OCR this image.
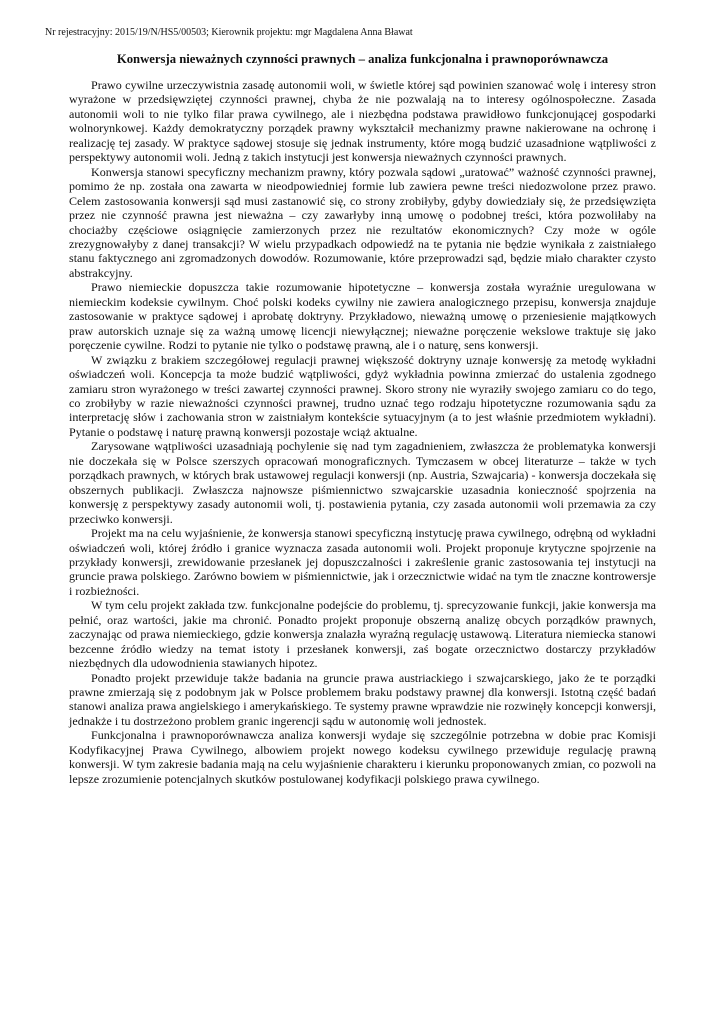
Nr rejestracyjny: 2015/19/N/HS5/00503; Kierownik projektu: mgr Magdalena Anna Bławat
Konwersja nieważnych czynności prawnych – analiza funkcjonalna i prawnoporównawcza

Prawo cywilne urzeczywistnia zasadę autonomii woli, w świetle której sąd powinien szanować wolę i interesy stron wyrażone w przedsięwziętej czynności prawnej, chyba że nie pozwalają na to interesy ogólnospołeczne. Zasada autonomii woli to nie tylko filar prawa cywilnego, ale i niezbędna podstawa prawidłowo funkcjonującej gospodarki wolnorynkowej. Każdy demokratyczny porządek prawny wykształcił mechanizmy prawne nakierowane na ochronę i realizację tej zasady. W praktyce sądowej stosuje się jednak instrumenty, które mogą budzić uzasadnione wątpliwości z perspektywy autonomii woli. Jedną z takich instytucji jest konwersja nieważnych czynności prawnych.

Konwersja stanowi specyficzny mechanizm prawny, który pozwala sądowi „uratować” ważność czynności prawnej, pomimo że np. została ona zawarta w nieodpowiedniej formie lub zawiera pewne treści niedozwolone przez prawo. Celem zastosowania konwersji sąd musi zastanowić się, co strony zrobiłyby, gdyby dowiedziały się, że przedsięwzięta przez nie czynność prawna jest nieważna – czy zawarłyby inną umowę o podobnej treści, która pozwoliłaby na chociażby częściowe osiągnięcie zamierzonych przez nie rezultatów ekonomicznych? Czy może w ogóle zrezygnowałyby z danej transakcji? W wielu przypadkach odpowiedź na te pytania nie będzie wynikała z zaistniałego stanu faktycznego ani zgromadzonych dowodów. Rozumowanie, które przeprowadzi sąd, będzie miało charakter czysto abstrakcyjny.

Prawo niemieckie dopuszcza takie rozumowanie hipotetyczne – konwersja została wyraźnie uregulowana w niemieckim kodeksie cywilnym. Choć polski kodeks cywilny nie zawiera analogicznego przepisu, konwersja znajduje zastosowanie w praktyce sądowej i aprobatę doktryny. Przykładowo, nieważną umowę o przeniesienie majątkowych praw autorskich uznaje się za ważną umowę licencji niewyłącznej; nieważne poręczenie wekslowe traktuje się jako poręczenie cywilne. Rodzi to pytanie nie tylko o podstawę prawną, ale i o naturę, sens konwersji.

W związku z brakiem szczegółowej regulacji prawnej większość doktryny uznaje konwersję za metodę wykładni oświadczeń woli. Koncepcja ta może budzić wątpliwości, gdyż wykładnia powinna zmierzać do ustalenia zgodnego zamiaru stron wyrażonego w treści zawartej czynności prawnej. Skoro strony nie wyraziły swojego zamiaru co do tego, co zrobiłyby w razie nieważności czynności prawnej, trudno uznać tego rodzaju hipotetyczne rozumowania sądu za interpretację słów i zachowania stron w zaistniałym kontekście sytuacyjnym (a to jest właśnie przedmiotem wykładni). Pytanie o podstawę i naturę prawną konwersji pozostaje wciąż aktualne.

Zarysowane wątpliwości uzasadniają pochylenie się nad tym zagadnieniem, zwłaszcza że problematyka konwersji nie doczekała się w Polsce szerszych opracowań monograficznych. Tymczasem w obcej literaturze – także w tych porządkach prawnych, w których brak ustawowej regulacji konwersji (np. Austria, Szwajcaria) - konwersja doczekała się obszernych publikacji. Zwłaszcza najnowsze piśmiennictwo szwajcarskie uzasadnia konieczność spojrzenia na konwersję z perspektywy zasady autonomii woli, tj. postawienia pytania, czy zasada autonomii woli przemawia za czy przeciwko konwersji.

Projekt ma na celu wyjaśnienie, że konwersja stanowi specyficzną instytucję prawa cywilnego, odrębną od wykładni oświadczeń woli, której źródło i granice wyznacza zasada autonomii woli. Projekt proponuje krytyczne spojrzenie na przykłady konwersji, zrewidowanie przesłanek jej dopuszczalności i zakreślenie granic zastosowania tej instytucji na gruncie prawa polskiego. Zarówno bowiem w piśmiennictwie, jak i orzecznictwie widać na tym tle znaczne kontrowersje i rozbieżności.

W tym celu projekt zakłada tzw. funkcjonalne podejście do problemu, tj. sprecyzowanie funkcji, jakie konwersja ma pełnić, oraz wartości, jakie ma chronić. Ponadto projekt proponuje obszerną analizę obcych porządków prawnych, zaczynając od prawa niemieckiego, gdzie konwersja znalazła wyraźną regulację ustawową. Literatura niemiecka stanowi bezcenne źródło wiedzy na temat istoty i przesłanek konwersji, zaś bogate orzecznictwo dostarczy przykładów niezbędnych dla udowodnienia stawianych hipotez.

Ponadto projekt przewiduje także badania na gruncie prawa austriackiego i szwajcarskiego, jako że te porządki prawne zmierzają się z podobnym jak w Polsce problemem braku podstawy prawnej dla konwersji. Istotną część badań stanowi analiza prawa angielskiego i amerykańskiego. Te systemy prawne wprawdzie nie rozwinęły koncepcji konwersji, jednakże i tu dostrzeżono problem granic ingerencji sądu w autonomię woli jednostek.

Funkcjonalna i prawnoporównawcza analiza konwersji wydaje się szczególnie potrzebna w dobie prac Komisji Kodyfikacyjnej Prawa Cywilnego, albowiem projekt nowego kodeksu cywilnego przewiduje regulację prawną konwersji. W tym zakresie badania mają na celu wyjaśnienie charakteru i kierunku proponowanych zmian, co pozwoli na lepsze zrozumienie potencjalnych skutków postulowanej kodyfikacji polskiego prawa cywilnego.
